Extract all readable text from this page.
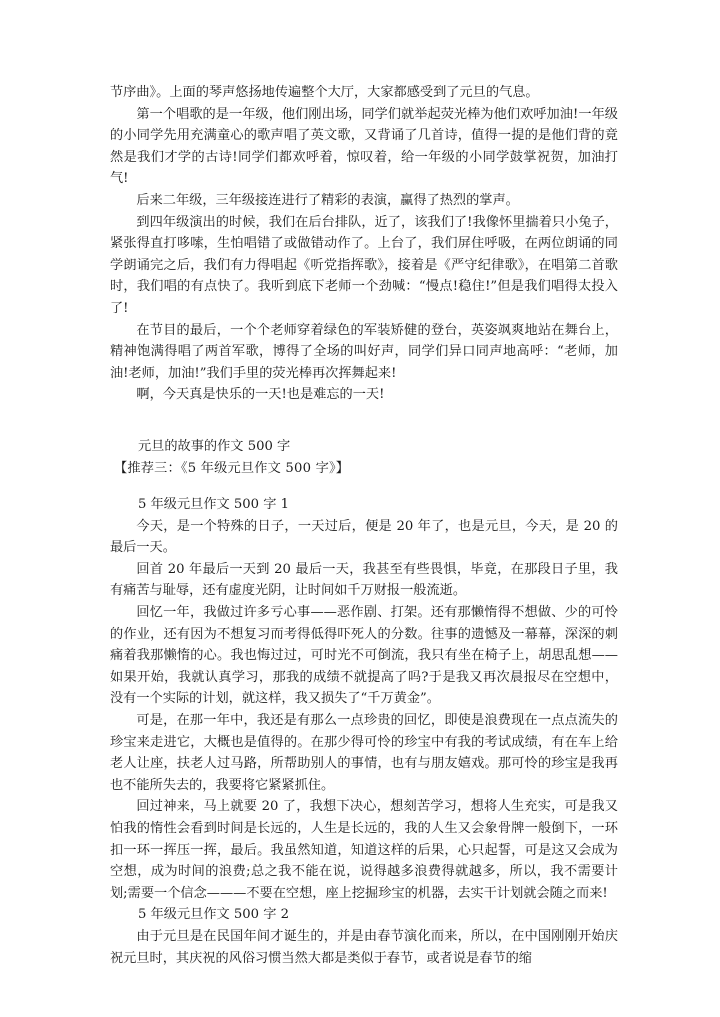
节序曲》。上面的琴声悠扬地传遍整个大厅，大家都感受到了元旦的气息。

第一个唱歌的是一年级，他们刚出场，同学们就举起荧光棒为他们欢呼加油!一年级的小同学先用充满童心的歌声唱了英文歌，又背诵了几首诗，值得一提的是他们背的竟然是我们才学的古诗!同学们都欢呼着，惊叹着，给一年级的小同学鼓掌祝贺，加油打气!

后来二年级，三年级接连进行了精彩的表演，赢得了热烈的掌声。

到四年级演出的时候，我们在后台排队，近了，该我们了!我像怀里揣着只小兔子，紧张得直打哆嗦，生怕唱错了或做错动作了。上台了，我们屏住呼吸，在两位朗诵的同学朗诵完之后，我们有力得唱起《听党指挥歌》，接着是《严守纪律歌》，在唱第二首歌时，我们唱的有点快了。我听到底下老师一个劲喊：“慢点!稳住!”但是我们唱得太投入了!

在节目的最后，一个个老师穿着绿色的军装矫健的登台，英姿飒爽地站在舞台上，精神饱满得唱了两首军歌，博得了全场的叫好声，同学们异口同声地高呼：“老师，加油!老师，加油!”我们手里的荧光棒再次挥舞起来!

啊，今天真是快乐的一天!也是难忘的一天!

元旦的故事的作文 500 字

【推荐三：《5 年级元旦作文 500 字》】

5 年级元旦作文 500 字 1

今天，是一个特殊的日子，一天过后，便是 20 年了，也是元旦，今天，是 20 的最后一天。

回首 20 年最后一天到 20 最后一天，我甚至有些畏惧，毕竟，在那段日子里，我有痛苦与耻辱，还有虚度光阴，让时间如千万财报一般流逝。

回忆一年，我做过许多亏心事——恶作剧、打架。还有那懒惰得不想做、少的可怜的作业，还有因为不想复习而考得低得吓死人的分数。往事的遗憾及一幕幕，深深的刺痛着我那懒惰的心。我也悔过过，可时光不可倒流，我只有坐在椅子上，胡思乱想——如果开始，我就认真学习，那我的成绩不就提高了吗?于是我又再次晨报尽在空想中，没有一个实际的计划，就这样，我又损失了“千万黄金”。

可是，在那一年中，我还是有那么一点珍贵的回忆，即使是浪费现在一点点流失的珍宝来走进它，大概也是值得的。在那少得可怜的珍宝中有我的考试成绩，有在车上给老人让座，扶老人过马路，所帮助别人的事情，也有与朋友嬉戏。那可怜的珍宝是我再也不能所失去的，我要将它紧紧抓住。

回过神来，马上就要 20 了，我想下决心，想刻苦学习，想将人生充实，可是我又怕我的惰性会看到时间是长远的，人生是长远的，我的人生又会象骨牌一般倒下，一环扣一环一挥压一挥，最后。我虽然知道，知道这样的后果，心只起誓，可是这又会成为空想，成为时间的浪费;总之我不能在说，说得越多浪费得就越多，所以，我不需要计划;需要一个信念———不要在空想，座上挖掘珍宝的机器，去实干计划就会随之而来!

5 年级元旦作文 500 字 2

由于元旦是在民国年间才诞生的，并是由春节演化而来，所以，在中国刚刚开始庆祝元旦时，其庆祝的风俗习惯当然大都是类似于春节，或者说是春节的缩
